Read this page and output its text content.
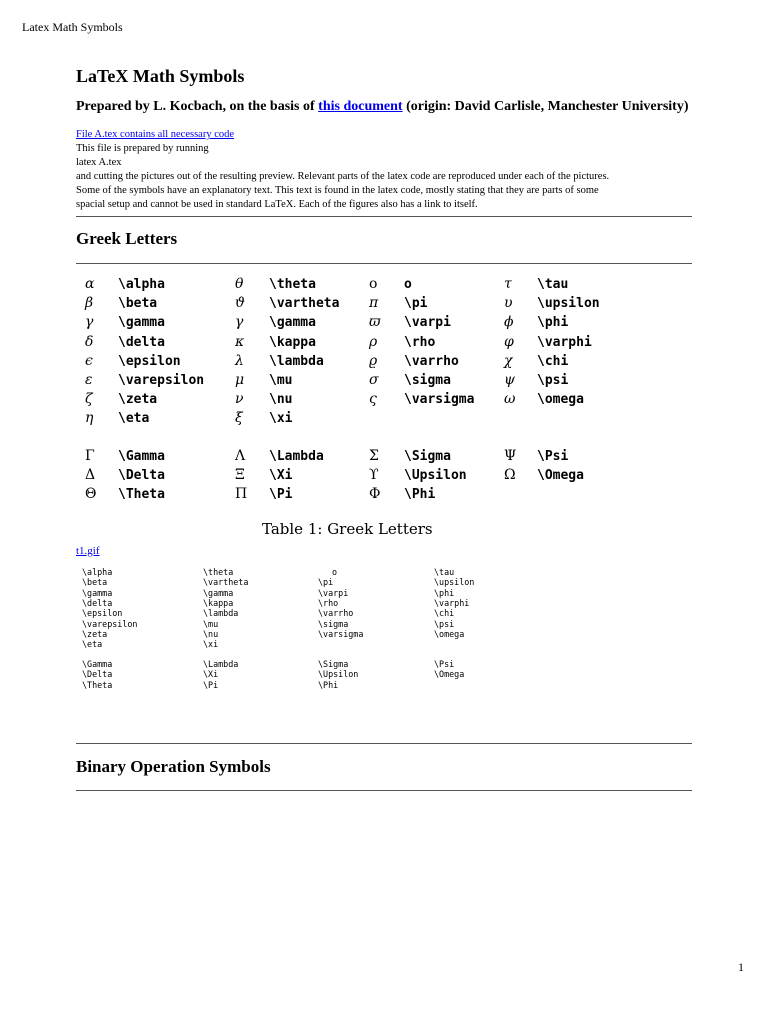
Latex Math Symbols
LaTeX Math Symbols
Prepared by L. Kocbach, on the basis of this document (origin: David Carlisle, Manchester University)
File A.tex contains all necessary code
This file is prepared by running
latex A.tex
and cutting the pictures out of the resulting preview. Relevant parts of the latex code are reproduced under each of the pictures.
Some of the symbols have an explanatory text. This text is found in the latex code, mostly stating that they are parts of some
spacial setup and cannot be used in standard LaTeX. Each of the figures also has a link to itself.
Greek Letters
α \alpha	θ \theta	o o	τ \tau
β \beta	ϑ \vartheta π \pi	υ \upsilon
γ \gamma	γ \gamma	ϖ \varpi	ϕ \phi
δ \delta	κ \kappa	ρ \rho	φ \varphi
ϵ \epsilon	λ \lambda	ϱ \varrho	χ \chi
ε \varepsilon μ \mu	σ \sigma	ψ \psi
ζ \zeta	ν \nu	ς \varsigma ω \omega
η \eta	ξ \xi
Γ \Gamma	Λ \Lambda	Σ \Sigma	Ψ \Psi
Δ \Delta	Ξ \Xi	ϒ \Upsilon	Ω \Omega
Θ \Theta	Π \Pi	Φ \Phi
Table 1: Greek Letters
t1.gif
\alpha	\theta	o	\tau
\beta	\vartheta	\pi	\upsilon
\gamma	\gamma	\varpi	\phi
\delta	\kappa	\rho	\varphi
\epsilon	\lambda	\varrho	\chi
\varepsilon	\mu	\sigma	\psi
\zeta	\nu	\varsigma	\omega
\eta	\xi
\Gamma	\Lambda	\Sigma	\Psi
\Delta	\Xi	\Upsilon	\Omega
\Theta	\Pi	\Phi
Binary Operation Symbols
1
